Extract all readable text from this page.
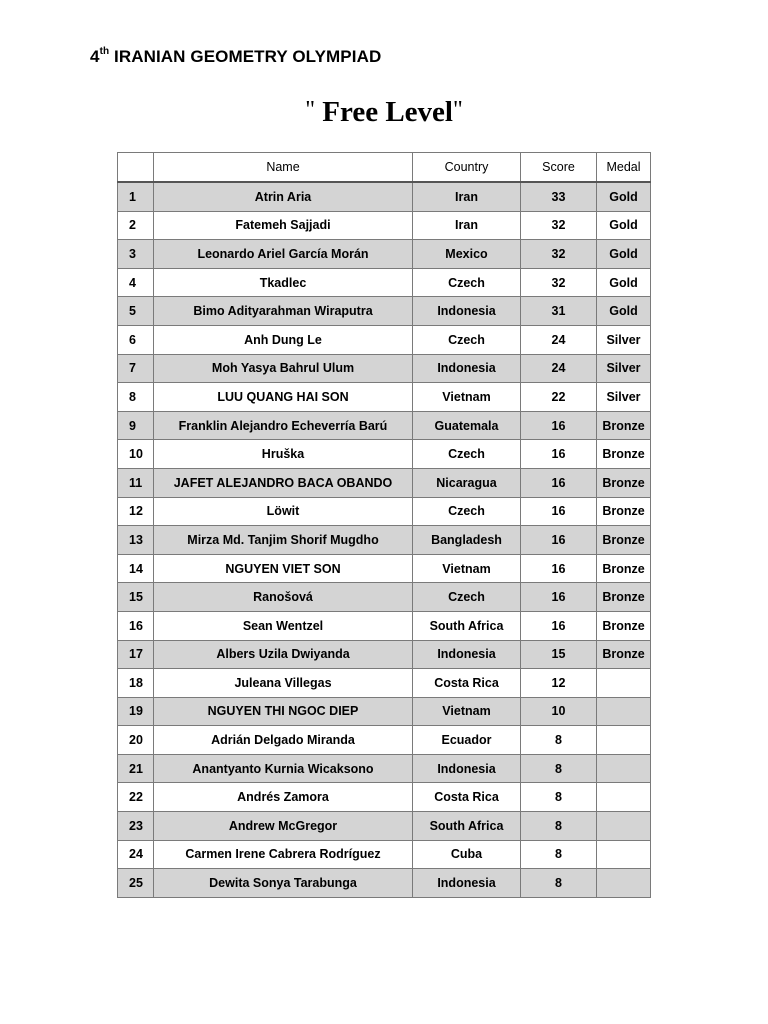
4th IRANIAN GEOMETRY OLYMPIAD
" Free Level"
	Name	Country	Score	Medal
1	Atrin Aria	Iran	33	Gold
2	Fatemeh Sajjadi	Iran	32	Gold
3	Leonardo Ariel García Morán	Mexico	32	Gold
4	Tkadlec	Czech	32	Gold
5	Bimo Adityarahman Wiraputra	Indonesia	31	Gold
6	Anh Dung Le	Czech	24	Silver
7	Moh Yasya Bahrul Ulum	Indonesia	24	Silver
8	LUU QUANG HAI SON	Vietnam	22	Silver
9	Franklin Alejandro Echeverría Barú	Guatemala	16	Bronze
10	Hruška	Czech	16	Bronze
11	JAFET ALEJANDRO BACA OBANDO	Nicaragua	16	Bronze
12	Löwit	Czech	16	Bronze
13	Mirza Md. Tanjim Shorif Mugdho	Bangladesh	16	Bronze
14	NGUYEN VIET SON	Vietnam	16	Bronze
15	Ranošová	Czech	16	Bronze
16	Sean Wentzel	South Africa	16	Bronze
17	Albers Uzila Dwiyanda	Indonesia	15	Bronze
18	Juleana Villegas	Costa Rica	12	
19	NGUYEN THI NGOC DIEP	Vietnam	10	
20	Adrián Delgado Miranda	Ecuador	8	
21	Anantyanto Kurnia Wicaksono	Indonesia	8	
22	Andrés Zamora	Costa Rica	8	
23	Andrew McGregor	South Africa	8	
24	Carmen Irene Cabrera Rodríguez	Cuba	8	
25	Dewita Sonya Tarabunga	Indonesia	8	
